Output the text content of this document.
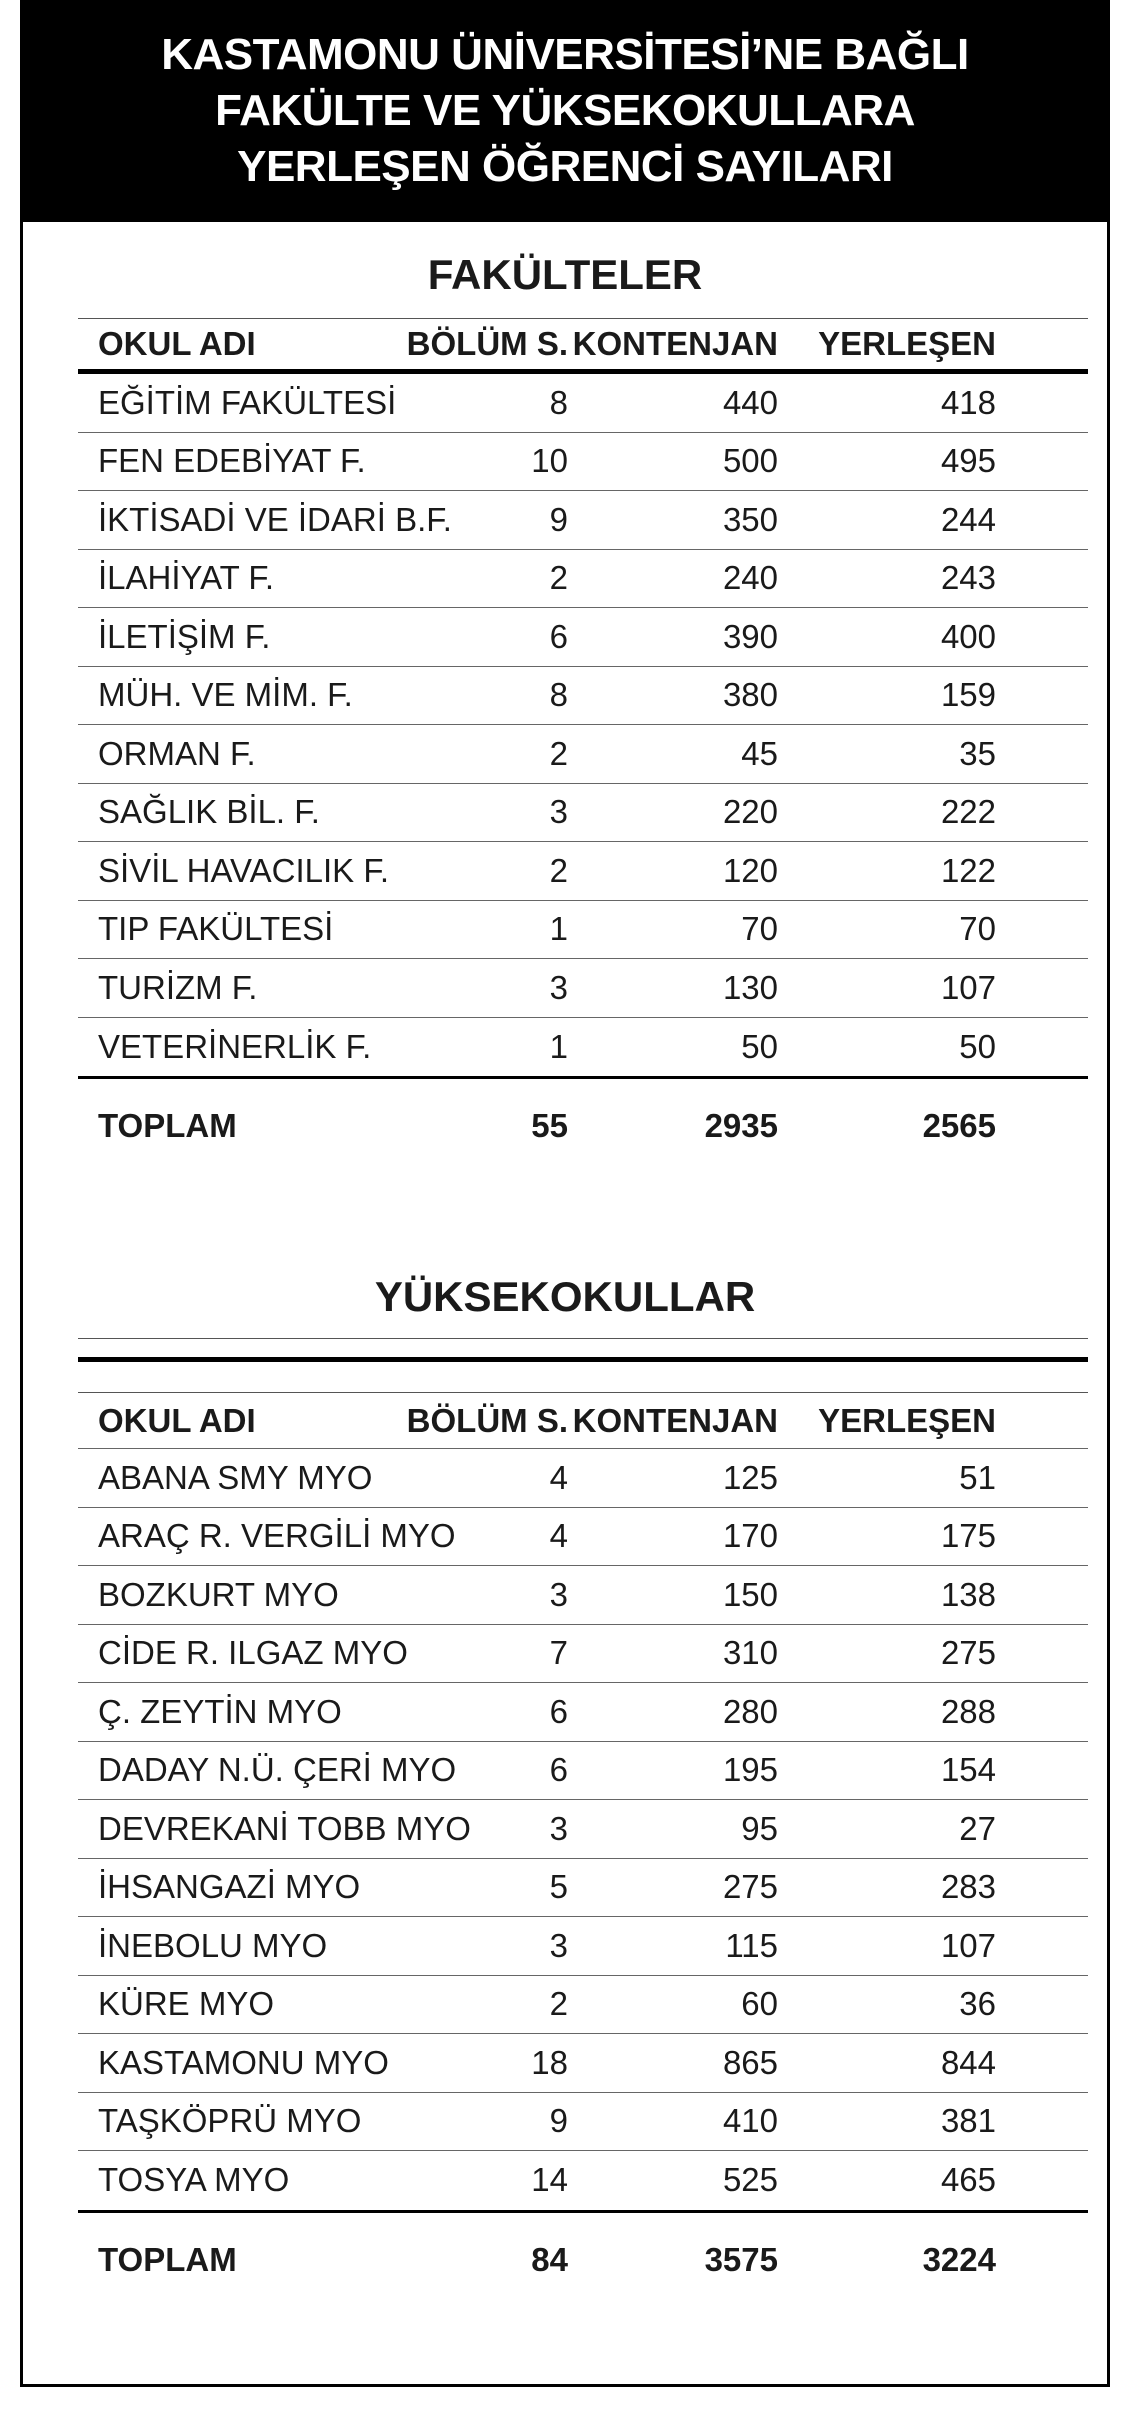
KASTAMONU ÜNİVERSİTESİ’NE BAĞLI
FAKÜLTE VE YÜKSEKOKULLARA
YERLEŞEN ÖĞRENCİ SAYILARI
FAKÜLTELER
OKUL ADI	BÖLÜM S. KONTENJAN YERLEŞEN
EĞİTİM FAKÜLTESİ	8	440	418
FEN EDEBİYAT F.	10	500	495
İKTİSADİ VE İDARİ B.F.	9	350	244
İLAHİYAT F.	2	240	243
İLETİŞİM F.	6	390	400
MÜH. VE MİM. F.	8	380	159
ORMAN F.	2	45	35
SAĞLIK BİL. F.	3	220	222
SİVİL HAVACILIK F.	2	120	122
TIP FAKÜLTESİ	1	70	70
TURİZM F.	3	130	107
VETERİNERLİK F.	1	50	50
TOPLAM	55	2935	2565
YÜKSEKOKULLAR
OKUL ADI	BÖLÜM S. KONTENJAN YERLEŞEN
ABANA SMY MYO	4	125	51
ARAÇ R. VERGİLİ MYO	4	170	175
BOZKURT MYO	3	150	138
CİDE R. ILGAZ MYO	7	310	275
Ç. ZEYTİN MYO	6	280	288
DADAY N.Ü. ÇERİ MYO	6	195	154
DEVREKANİ TOBB MYO 3	95	27
İHSANGAZİ MYO	5	275	283
İNEBOLU MYO	3	115	107
KÜRE MYO	2	60	36
KASTAMONU MYO	18	865	844
TAŞKÖPRÜ MYO	9	410	381
TOSYA MYO	14	525	465
TOPLAM	84	3575	3224
